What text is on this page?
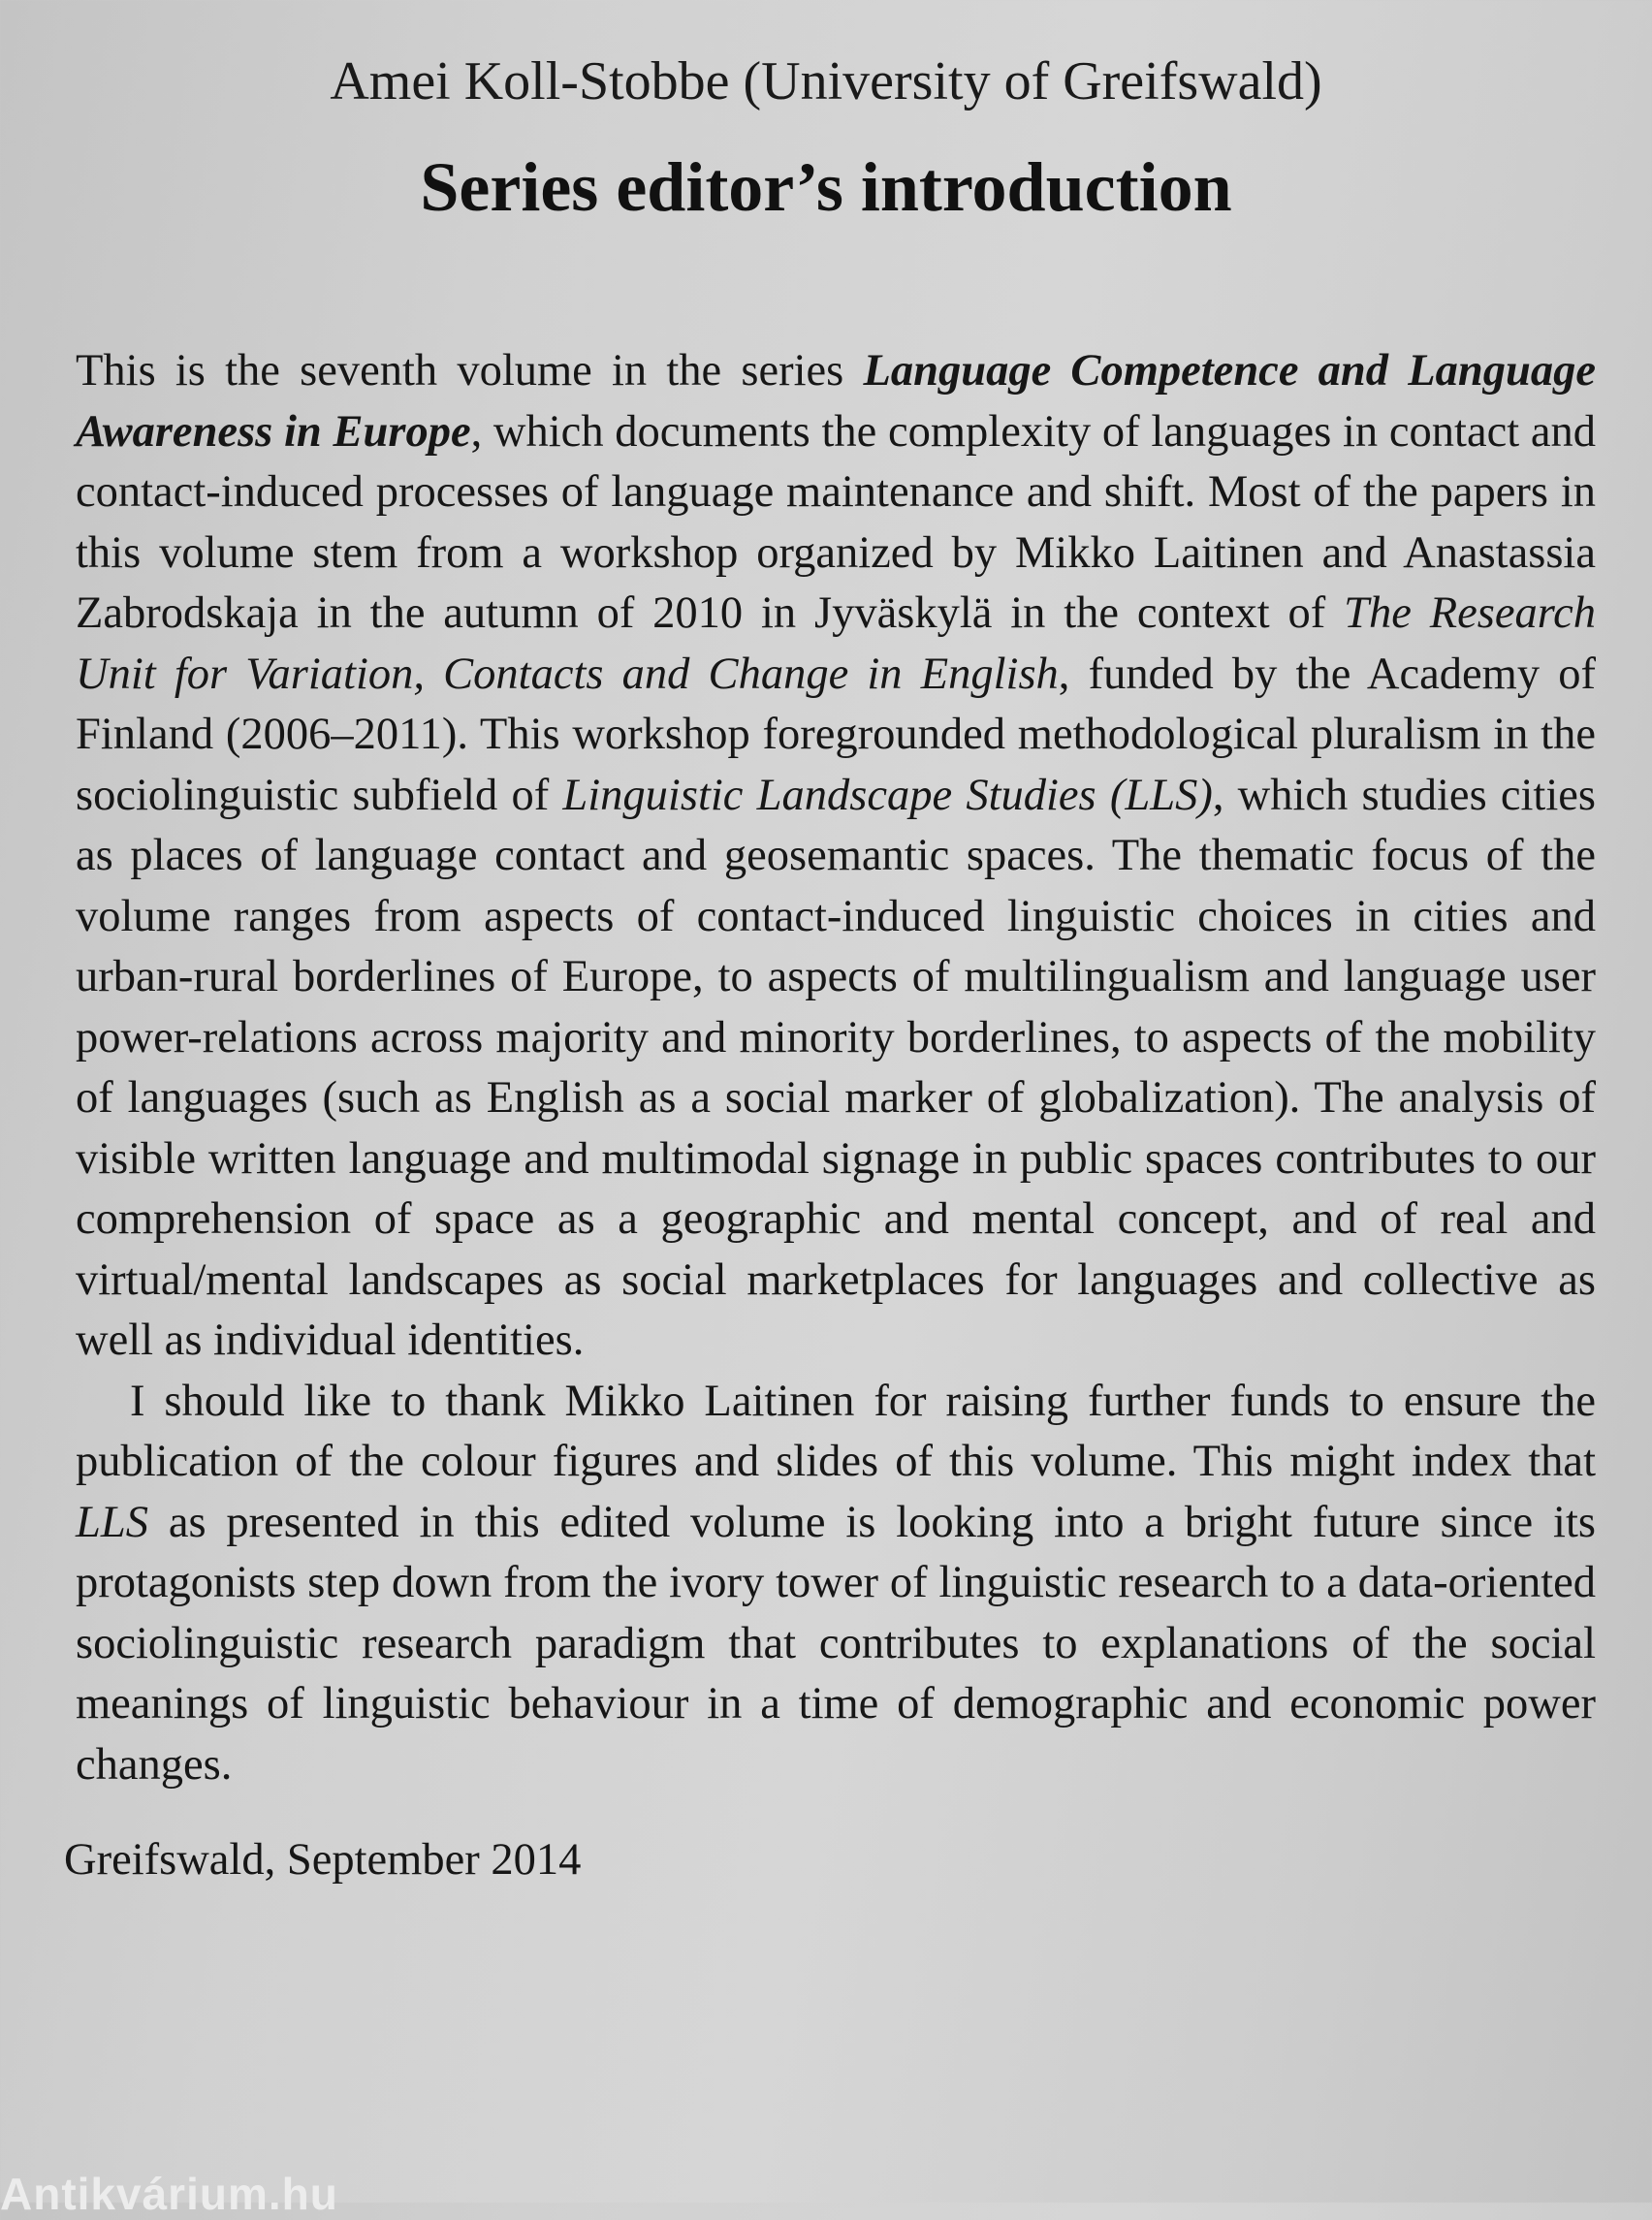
Amei Koll-Stobbe (University of Greifswald)
Series editor’s introduction

This is the seventh volume in the series Language Competence and Language Awareness in Europe, which documents the complexity of languages in contact and contact-induced processes of language maintenance and shift. Most of the papers in this volume stem from a workshop organized by Mikko Laitinen and Anastassia Zabrodskaja in the autumn of 2010 in Jyväskylä in the context of The Research Unit for Variation, Contacts and Change in English, funded by the Academy of Finland (2006–2011). This workshop foregrounded methodological pluralism in the sociolinguistic subfield of Linguistic Landscape Studies (LLS), which studies cities as places of language contact and geosemantic spaces. The thematic focus of the volume ranges from aspects of contact-induced linguistic choices in cities and urban-rural borderlines of Europe, to aspects of multilingualism and language user power-relations across majority and minority borderlines, to aspects of the mobility of languages (such as English as a social marker of globalization). The analysis of visible written language and multimodal signage in public spaces contributes to our comprehension of space as a geographic and mental concept, and of real and virtual/mental landscapes as social marketplaces for languages and collective as well as individual identities.

I should like to thank Mikko Laitinen for raising further funds to ensure the publication of the colour figures and slides of this volume. This might index that LLS as presented in this edited volume is looking into a bright future since its protagonists step down from the ivory tower of linguistic research to a data-oriented sociolinguistic research paradigm that contributes to explanations of the social meanings of linguistic behaviour in a time of demographic and economic power changes.

Greifswald, September 2014
Antikvárium.hu
